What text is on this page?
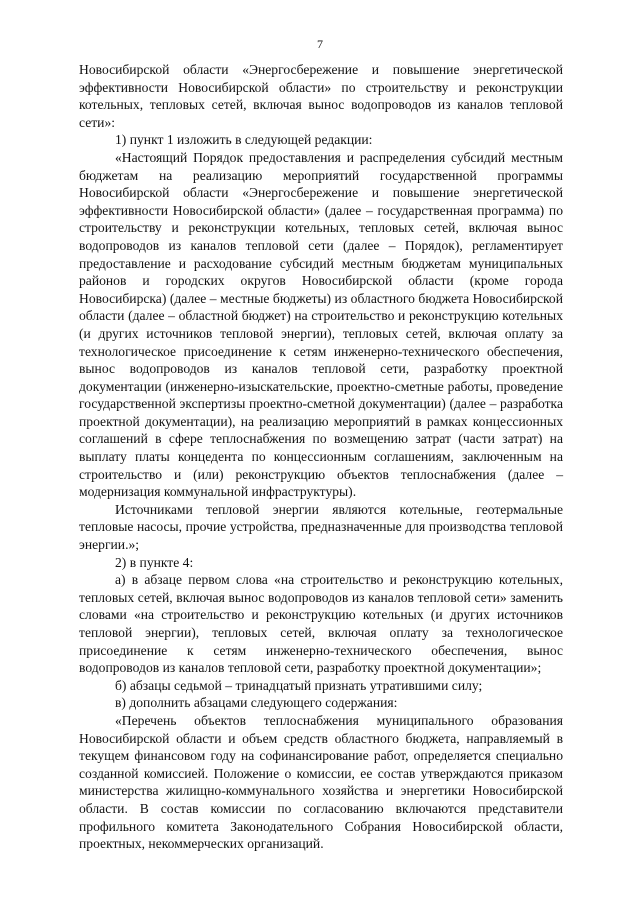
7

Новосибирской области «Энергосбережение и повышение энергетической эффективности Новосибирской области» по строительству и реконструкции котельных, тепловых сетей, включая вынос водопроводов из каналов тепловой сети»:

1) пункт 1 изложить в следующей редакции:

«Настоящий Порядок предоставления и распределения субсидий местным бюджетам на реализацию мероприятий государственной программы Новосибирской области «Энергосбережение и повышение энергетической эффективности Новосибирской области» (далее – государственная программа) по строительству и реконструкции котельных, тепловых сетей, включая вынос водопроводов из каналов тепловой сети (далее – Порядок), регламентирует предоставление и расходование субсидий местным бюджетам муниципальных районов и городских округов Новосибирской области (кроме города Новосибирска) (далее – местные бюджеты) из областного бюджета Новосибирской области (далее – областной бюджет) на строительство и реконструкцию котельных (и других источников тепловой энергии), тепловых сетей, включая оплату за технологическое присоединение к сетям инженерно-технического обеспечения, вынос водопроводов из каналов тепловой сети, разработку проектной документации (инженерно-изыскательские, проектно-сметные работы, проведение государственной экспертизы проектно-сметной документации) (далее – разработка проектной документации), на реализацию мероприятий в рамках концессионных соглашений в сфере теплоснабжения по возмещению затрат (части затрат) на выплату платы концедента по концессионным соглашениям, заключенным на строительство и (или) реконструкцию объектов теплоснабжения (далее – модернизация коммунальной инфраструктуры).

Источниками тепловой энергии являются котельные, геотермальные тепловые насосы, прочие устройства, предназначенные для производства тепловой энергии.»;

2) в пункте 4:

а) в абзаце первом слова «на строительство и реконструкцию котельных, тепловых сетей, включая вынос водопроводов из каналов тепловой сети» заменить словами «на строительство и реконструкцию котельных (и других источников тепловой энергии), тепловых сетей, включая оплату за технологическое присоединение к сетям инженерно-технического обеспечения, вынос водопроводов из каналов тепловой сети, разработку проектной документации»;

б) абзацы седьмой – тринадцатый признать утратившими силу;

в) дополнить абзацами следующего содержания:

«Перечень объектов теплоснабжения муниципального образования Новосибирской области и объем средств областного бюджета, направляемый в текущем финансовом году на софинансирование работ, определяется специально созданной комиссией. Положение о комиссии, ее состав утверждаются приказом министерства жилищно-коммунального хозяйства и энергетики Новосибирской области. В состав комиссии по согласованию включаются представители профильного комитета Законодательного Собрания Новосибирской области, проектных, некоммерческих организаций.
